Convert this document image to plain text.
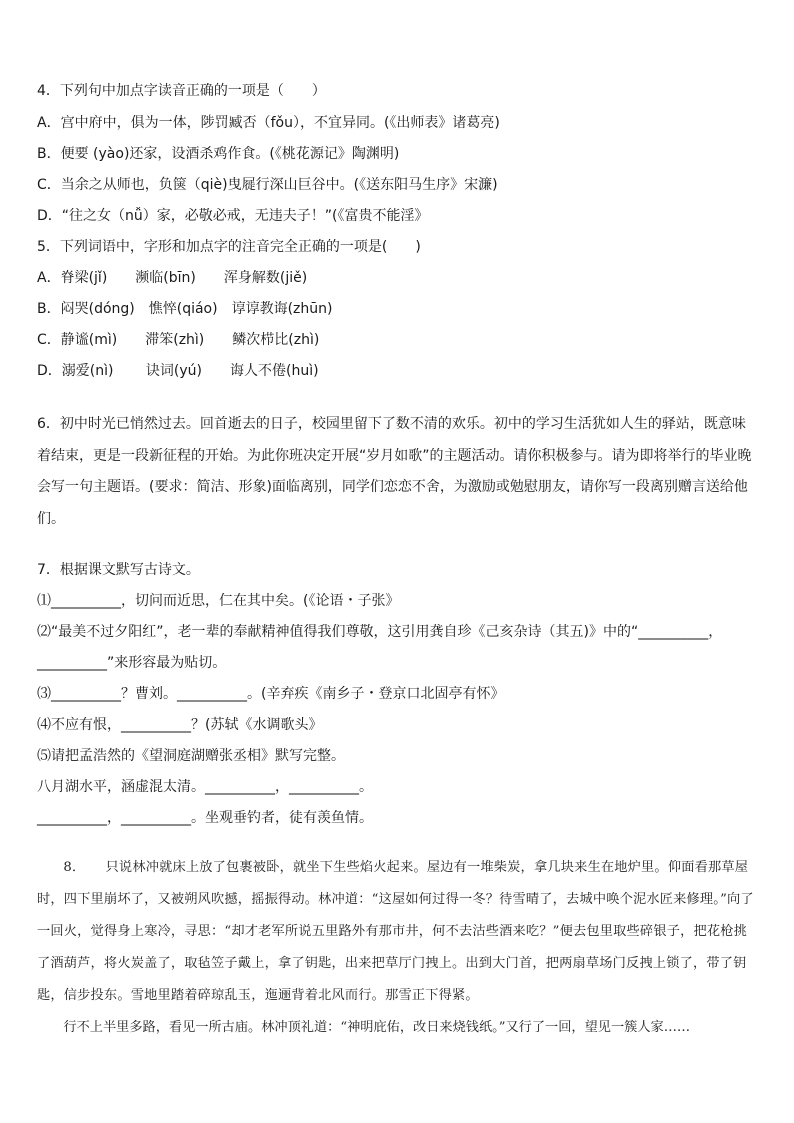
4．下列句中加点字读音正确的一项是（　　）
A．宫中府中，俱为一体，陟罚臧否（fǒu），不宜异同。(《出师表》诸葛亮)
B．便要 (yào)还家，设酒杀鸡作食。(《桃花源记》陶渊明)
C．当余之从师也，负箧（qiè)曳屣行深山巨谷中。(《送东阳马生序》宋濂)
D．“往之女（nǚ）家，必敬必戒，无违夫子！”(《富贵不能淫》
5．下列词语中，字形和加点字的注音完全正确的一项是(　　)
A．脊梁(jǐ)　　濒临(bīn)　　浑身解数(jiě)
B．闷哭(dóng)　憔悴(qiáo)　谆谆教诲(zhūn)
C．静谧(mì)　　滞笨(zhì)　　鳞次栉比(zhì)
D．溺爱(nì)　　 诀词(yú)　　诲人不倦(huì)
6．初中时光已悄然过去。回首逝去的日子，校园里留下了数不清的欢乐。初中的学习生活犹如人生的驿站，既意味着结束，更是一段新征程的开始。为此你班决定开展“岁月如歌”的主题活动。请你积极参与。请为即将举行的毕业晚会写一句主题语。(要求：简洁、形象)面临离别，同学们恋恋不舍，为激励或勉慰朋友，请你写一段离别赠言送给他们。
7．根据课文默写古诗文。
⑴__________，切问而近思，仁在其中矣。(《论语・子张》
⑵“最美不过夕阳红”，老一辈的奉献精神值得我们尊敬，这引用龚自珍《己亥杂诗（其五)》中的“__________，
__________”来形容最为贴切。
⑶__________？曹刘。__________。(辛弃疾《南乡子・登京口北固亭有怀》
⑷不应有恨，__________？(苏轼《水调歌头》
⑸请把孟浩然的《望洞庭湖赠张丞相》默写完整。
八月湖水平，涵虚混太清。__________，__________。
__________，__________。坐观垂钓者，徒有羡鱼情。

8．　　只说林冲就床上放了包裹被卧，就坐下生些焰火起来。屋边有一堆柴炭，拿几块来生在地炉里。仰面看那草屋时，四下里崩坏了，又被朔风吹撼，摇振得动。林冲道：“这屋如何过得一冬？待雪晴了，去城中唤个泥水匠来修理。”向了一回火，觉得身上寒冷，寻思：“却才老军所说五里路外有那市井，何不去沽些酒来吃？”便去包里取些碎银子，把花枪挑了酒葫芦，将火炭盖了，取毡笠子戴上，拿了钥匙，出来把草厅门拽上。出到大门首，把两扇草场门反拽上锁了，带了钥匙，信步投东。雪地里踏着碎琼乱玉，迤逦背着北风而行。那雪正下得紧。

行不上半里多路，看见一所古庙。林冲顶礼道：“神明庇佑，改日来烧钱纸。”又行了一回，望见一簇人家……
